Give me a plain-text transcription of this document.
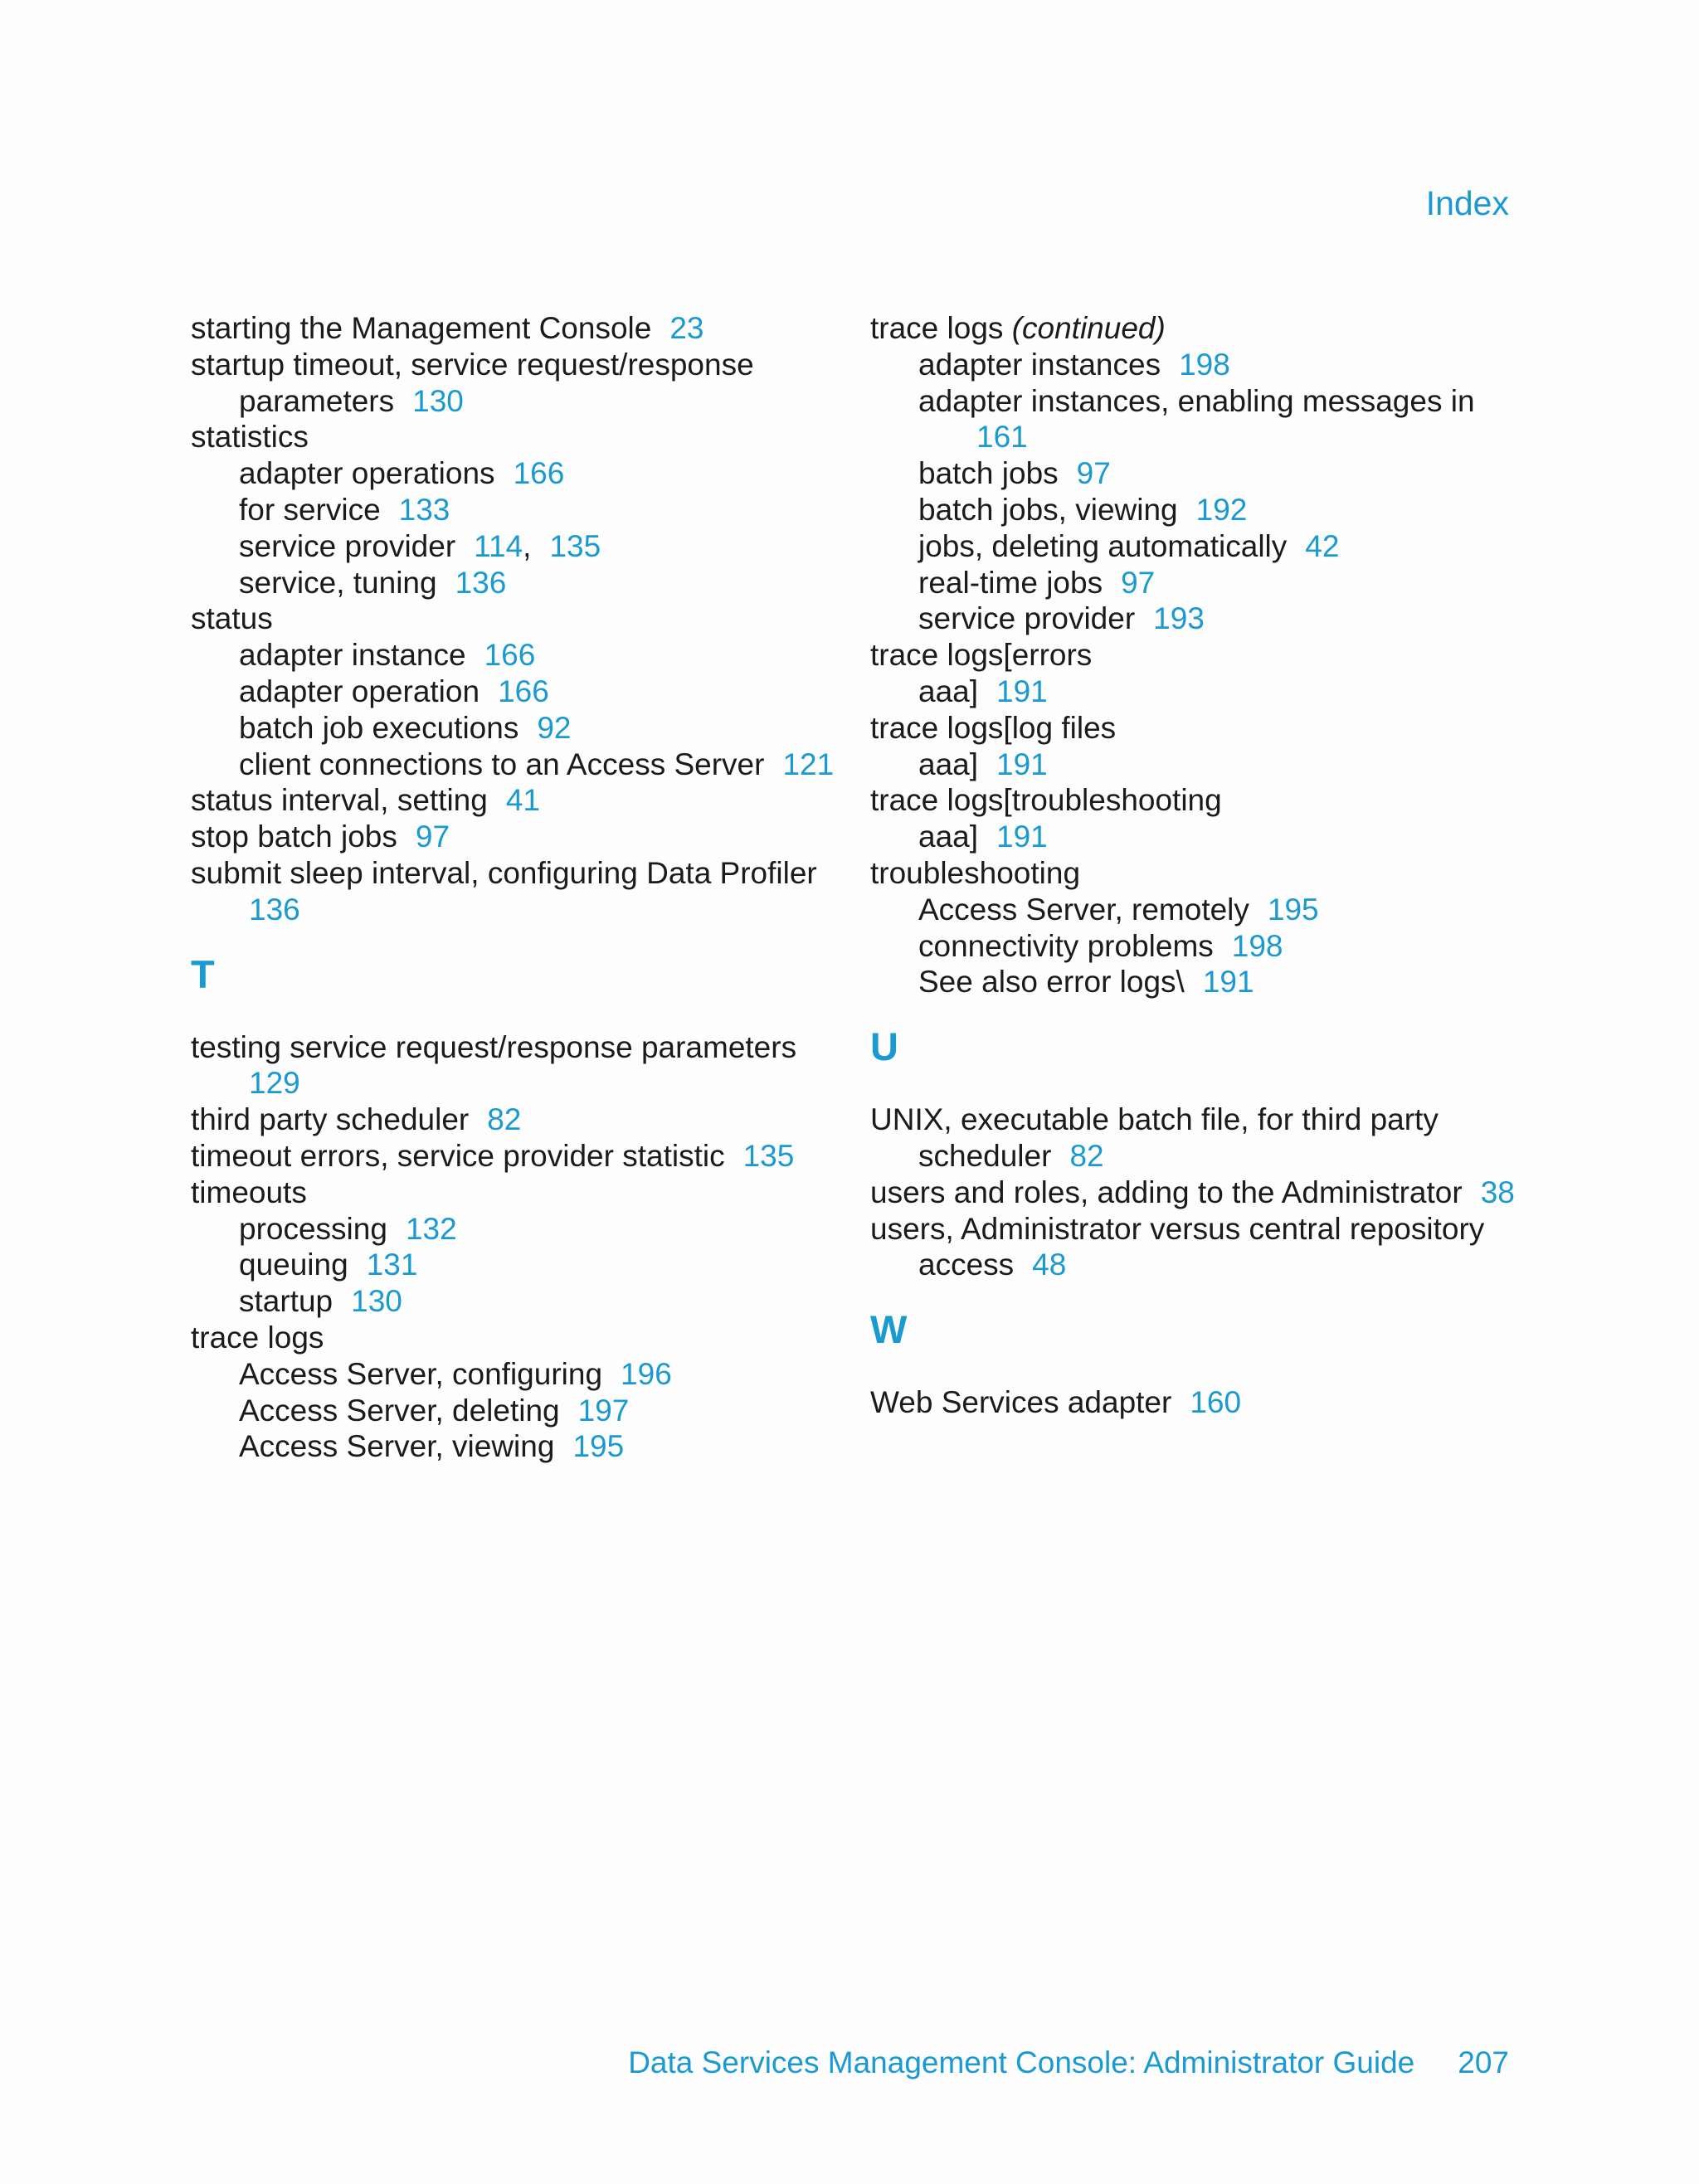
Index
starting the Management Console 23
startup timeout, service request/response
parameters 130
statistics
adapter operations 166
for service 133
service provider 114, 135
service, tuning 136
status
adapter instance 166
adapter operation 166
batch job executions 92
client connections to an Access Server 121
status interval, setting 41
stop batch jobs 97
submit sleep interval, configuring Data Profiler
136
T
testing service request/response parameters
129
third party scheduler 82
timeout errors, service provider statistic 135
timeouts
processing 132
queuing 131
startup 130
trace logs
Access Server, configuring 196
Access Server, deleting 197
Access Server, viewing 195
trace logs (continued)
adapter instances 198
adapter instances, enabling messages in
161
batch jobs 97
batch jobs, viewing 192
jobs, deleting automatically 42
real-time jobs 97
service provider 193
trace logs[errors
aaa] 191
trace logs[log files
aaa] 191
trace logs[troubleshooting
aaa] 191
troubleshooting
Access Server, remotely 195
connectivity problems 198
See also error logs\ 191
U
UNIX, executable batch file, for third party
scheduler 82
users and roles, adding to the Administrator 38
users, Administrator versus central repository
access 48
W
Web Services adapter 160
Data Services Management Console: Administrator Guide 207
